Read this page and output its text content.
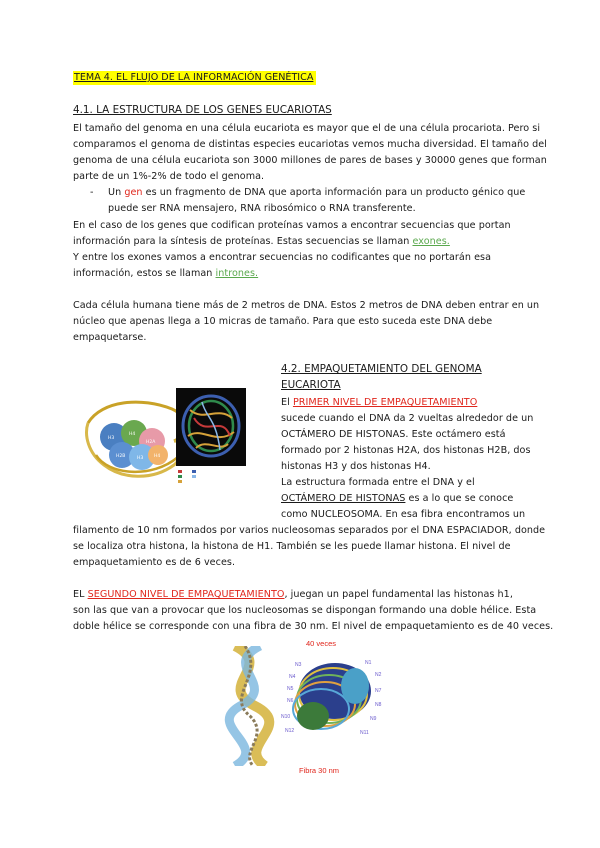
TEMA 4. EL FLUJO DE LA INFORMACIÓN GENÉTICA
4.1. LA ESTRUCTURA DE LOS GENES EUCARIOTAS
El tamaño del genoma en una célula eucariota es mayor que el de una célula procariota. Pero si
comparamos el genoma de distintas especies eucariotas vemos mucha diversidad. El tamaño del
genoma de una célula eucariota son 3000 millones de pares de bases y 30000 genes que forman
parte de un 1%-2% de todo el genoma.
- Un gen es un fragmento de DNA que aporta información para un producto génico que
puede ser RNA mensajero, RNA ribosómico o RNA transferente.
En el caso de los genes que codifican proteínas vamos a encontrar secuencias que portan
información para la síntesis de proteínas. Estas secuencias se llaman exones.
Y entre los exones vamos a encontrar secuencias no codificantes que no portarán esa
información, estos se llaman intrones.
Cada célula humana tiene más de 2 metros de DNA. Estos 2 metros de DNA deben entrar en un
núcleo que apenas llega a 10 micras de tamaño. Para que esto suceda este DNA debe
empaquetarse.
4.2. EMPAQUETAMIENTO DEL GENOMA
EUCARIOTA
H3
H4
H2A
H2B	H3 H4
El PRIMER NIVEL DE EMPAQUETAMIENTO
sucede cuando el DNA da 2 vueltas alrededor de un
OCTÁMERO DE HISTONAS. Este octámero está
formado por 2 histonas H2A, dos histonas H2B, dos
histonas H3 y dos histonas H4.
La estructura formada entre el DNA y el
OCTÁMERO DE HISTONAS es a lo que se conoce
como NUCLEOSOMA. En esa fibra encontramos un
filamento de 10 nm formados por varios nucleosomas separados por el DNA ESPACIADOR, donde
se localiza otra histona, la histona de H1. También se les puede llamar histona. El nivel de
empaquetamiento es de 6 veces.
EL SEGUNDO NIVEL DE EMPAQUETAMIENTO, juegan un papel fundamental las histonas h1,
son las que van a provocar que los nucleosomas se dispongan formando una doble hélice. Esta
doble hélice se corresponde con una fibra de 30 nm. El nivel de empaquetamiento es de 40 veces.
40 veces
N3
N4
N5
N6
N1
N2
N7
N8
N9
N10
N11
N12
Fibra 30 nm
